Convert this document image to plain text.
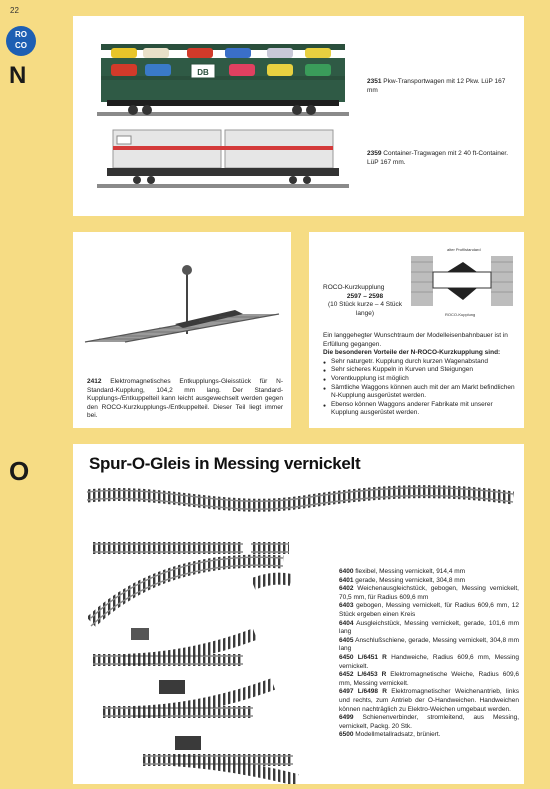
22
RO
CO
N
O
DB
2351 Pkw-Transportwagen mit 12 Pkw. LüP 167 mm
2359 Container-Tragwagen mit 2 40 ft-Container. LüP 167 mm.
2412 Elektromagnetisches Entkupplungs-Gleisstück für N-Standard-Kupplung, 104,2 mm lang. Der Standard-Kupplungs-/Entkuppelteil kann leicht ausgewechselt werden gegen den ROCO-Kurzkupplungs-/Entkuppelteil. Dieser Teil liegt immer bei.
alter Profilstandard
ROCO-Kupplung
ROCO-Kurzkupplung
2597 – 2598
(10 Stück kurze – 4 Stück lange)
Ein langgehegter Wunschtraum der Modelleisenbahnbauer ist in Erfüllung gegangen.
Die besonderen Vorteile der N-ROCO-Kurzkupplung sind:
● Sehr naturgetr. Kupplung durch kurzen Wagenabstand
● Sehr sicheres Kuppeln in Kurven und Steigungen
● Vorentkupplung ist möglich
● Sämtliche Waggons können auch mit der am Markt befindlichen N-Kupplung ausgerüstet werden.
● Ebenso können Waggons anderer Fabrikate mit unserer Kupplung ausgerüstet werden.
Spur-O-Gleis in Messing vernickelt
6400 flexibel, Messing vernickelt, 914,4 mm
6401 gerade, Messing vernickelt, 304,8 mm
6402 Weichenausgleichstück, gebogen, Messing vernickelt, 70,5 mm, für Radius 609,6 mm
6403 gebogen, Messing vernickelt, für Radius 609,6 mm, 12 Stück ergeben einen Kreis
6404 Ausgleichstück, Messing vernickelt, gerade, 101,6 mm lang
6405 Anschlußschiene, gerade, Messing vernickelt, 304,8 mm lang
6450 L/6451 R Handweiche, Radius 609,6 mm, Messing vernickelt.
6452 L/6453 R Elektromagnetische Weiche, Radius 609,6 mm, Messing vernickelt.
6497 L/6498 R Elektromagnetischer Weichenantrieb, links und rechts, zum Antrieb der O-Handweichen. Handweichen können nachträglich zu Elektro-Weichen umgebaut werden.
6499 Schienenverbinder, stromleitend, aus Messing, vernickelt, Packg. 20 Stk.
6500 Modellmetallradsatz, brüniert.
